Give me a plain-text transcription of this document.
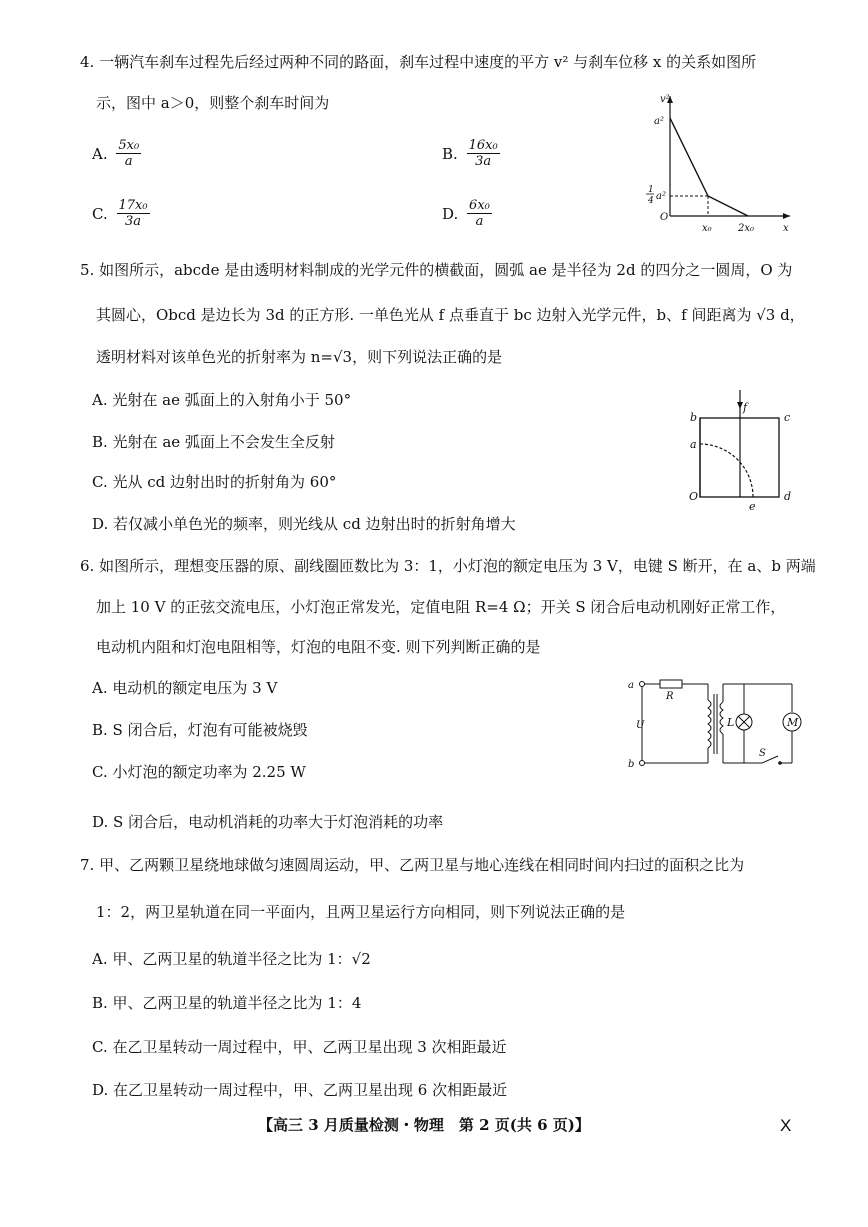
4. 一辆汽车刹车过程先后经过两种不同的路面，刹车过程中速度的平方 v² 与刹车位移 x 的关系如图所
示，图中 a＞0，则整个刹车时间为
A. $\frac{\text{5x₀}}{a}$	B. $\frac{\text{16x₀}}{3a}$
C. $\frac{\text{17x₀}}{3a}$	D. $\frac{\text{6x₀}}{a}$
v²
a²
1
4 a²
O
x₀	2x₀	x
5. 如图所示，abcde 是由透明材料制成的光学元件的横截面，圆弧 ae 是半径为 2d 的四分之一圆周，O 为
其圆心，Obcd 是边长为 3d 的正方形. 一单色光从 f 点垂直于 bc 边射入光学元件，b、f 间距离为 √3 d，
透明材料对该单色光的折射率为 n=√3，则下列说法正确的是
A. 光射在 ae 弧面上的入射角小于 50°
B. 光射在 ae 弧面上不会发生全反射
C. 光从 cd 边射出时的折射角为 60°
D. 若仅减小单色光的频率，则光线从 cd 边射出时的折射角增大
b	c
f
a
O	d
e
6. 如图所示，理想变压器的原、副线圈匝数比为 3：1，小灯泡的额定电压为 3 V，电键 S 断开，在 a、b 两端
加上 10 V 的正弦交流电压，小灯泡正常发光，定值电阻 R=4 Ω；开关 S 闭合后电动机刚好正常工作，
电动机内阻和灯泡电阻相等，灯泡的电阻不变. 则下列判断正确的是
A. 电动机的额定电压为 3 V
B. S 闭合后，灯泡有可能被烧毁
C. 小灯泡的额定功率为 2.25 W
D. S 闭合后，电动机消耗的功率大于灯泡消耗的功率
a
b
R
U	L	M
S
7. 甲、乙两颗卫星绕地球做匀速圆周运动，甲、乙两卫星与地心连线在相同时间内扫过的面积之比为
1：2，两卫星轨道在同一平面内，且两卫星运行方向相同，则下列说法正确的是
A. 甲、乙两卫星的轨道半径之比为 1：√2
B. 甲、乙两卫星的轨道半径之比为 1：4
C. 在乙卫星转动一周过程中，甲、乙两卫星出现 3 次相距最近
D. 在乙卫星转动一周过程中，甲、乙两卫星出现 6 次相距最近
【高三 3 月质量检测・物理　第 2 页(共 6 页)】	X
